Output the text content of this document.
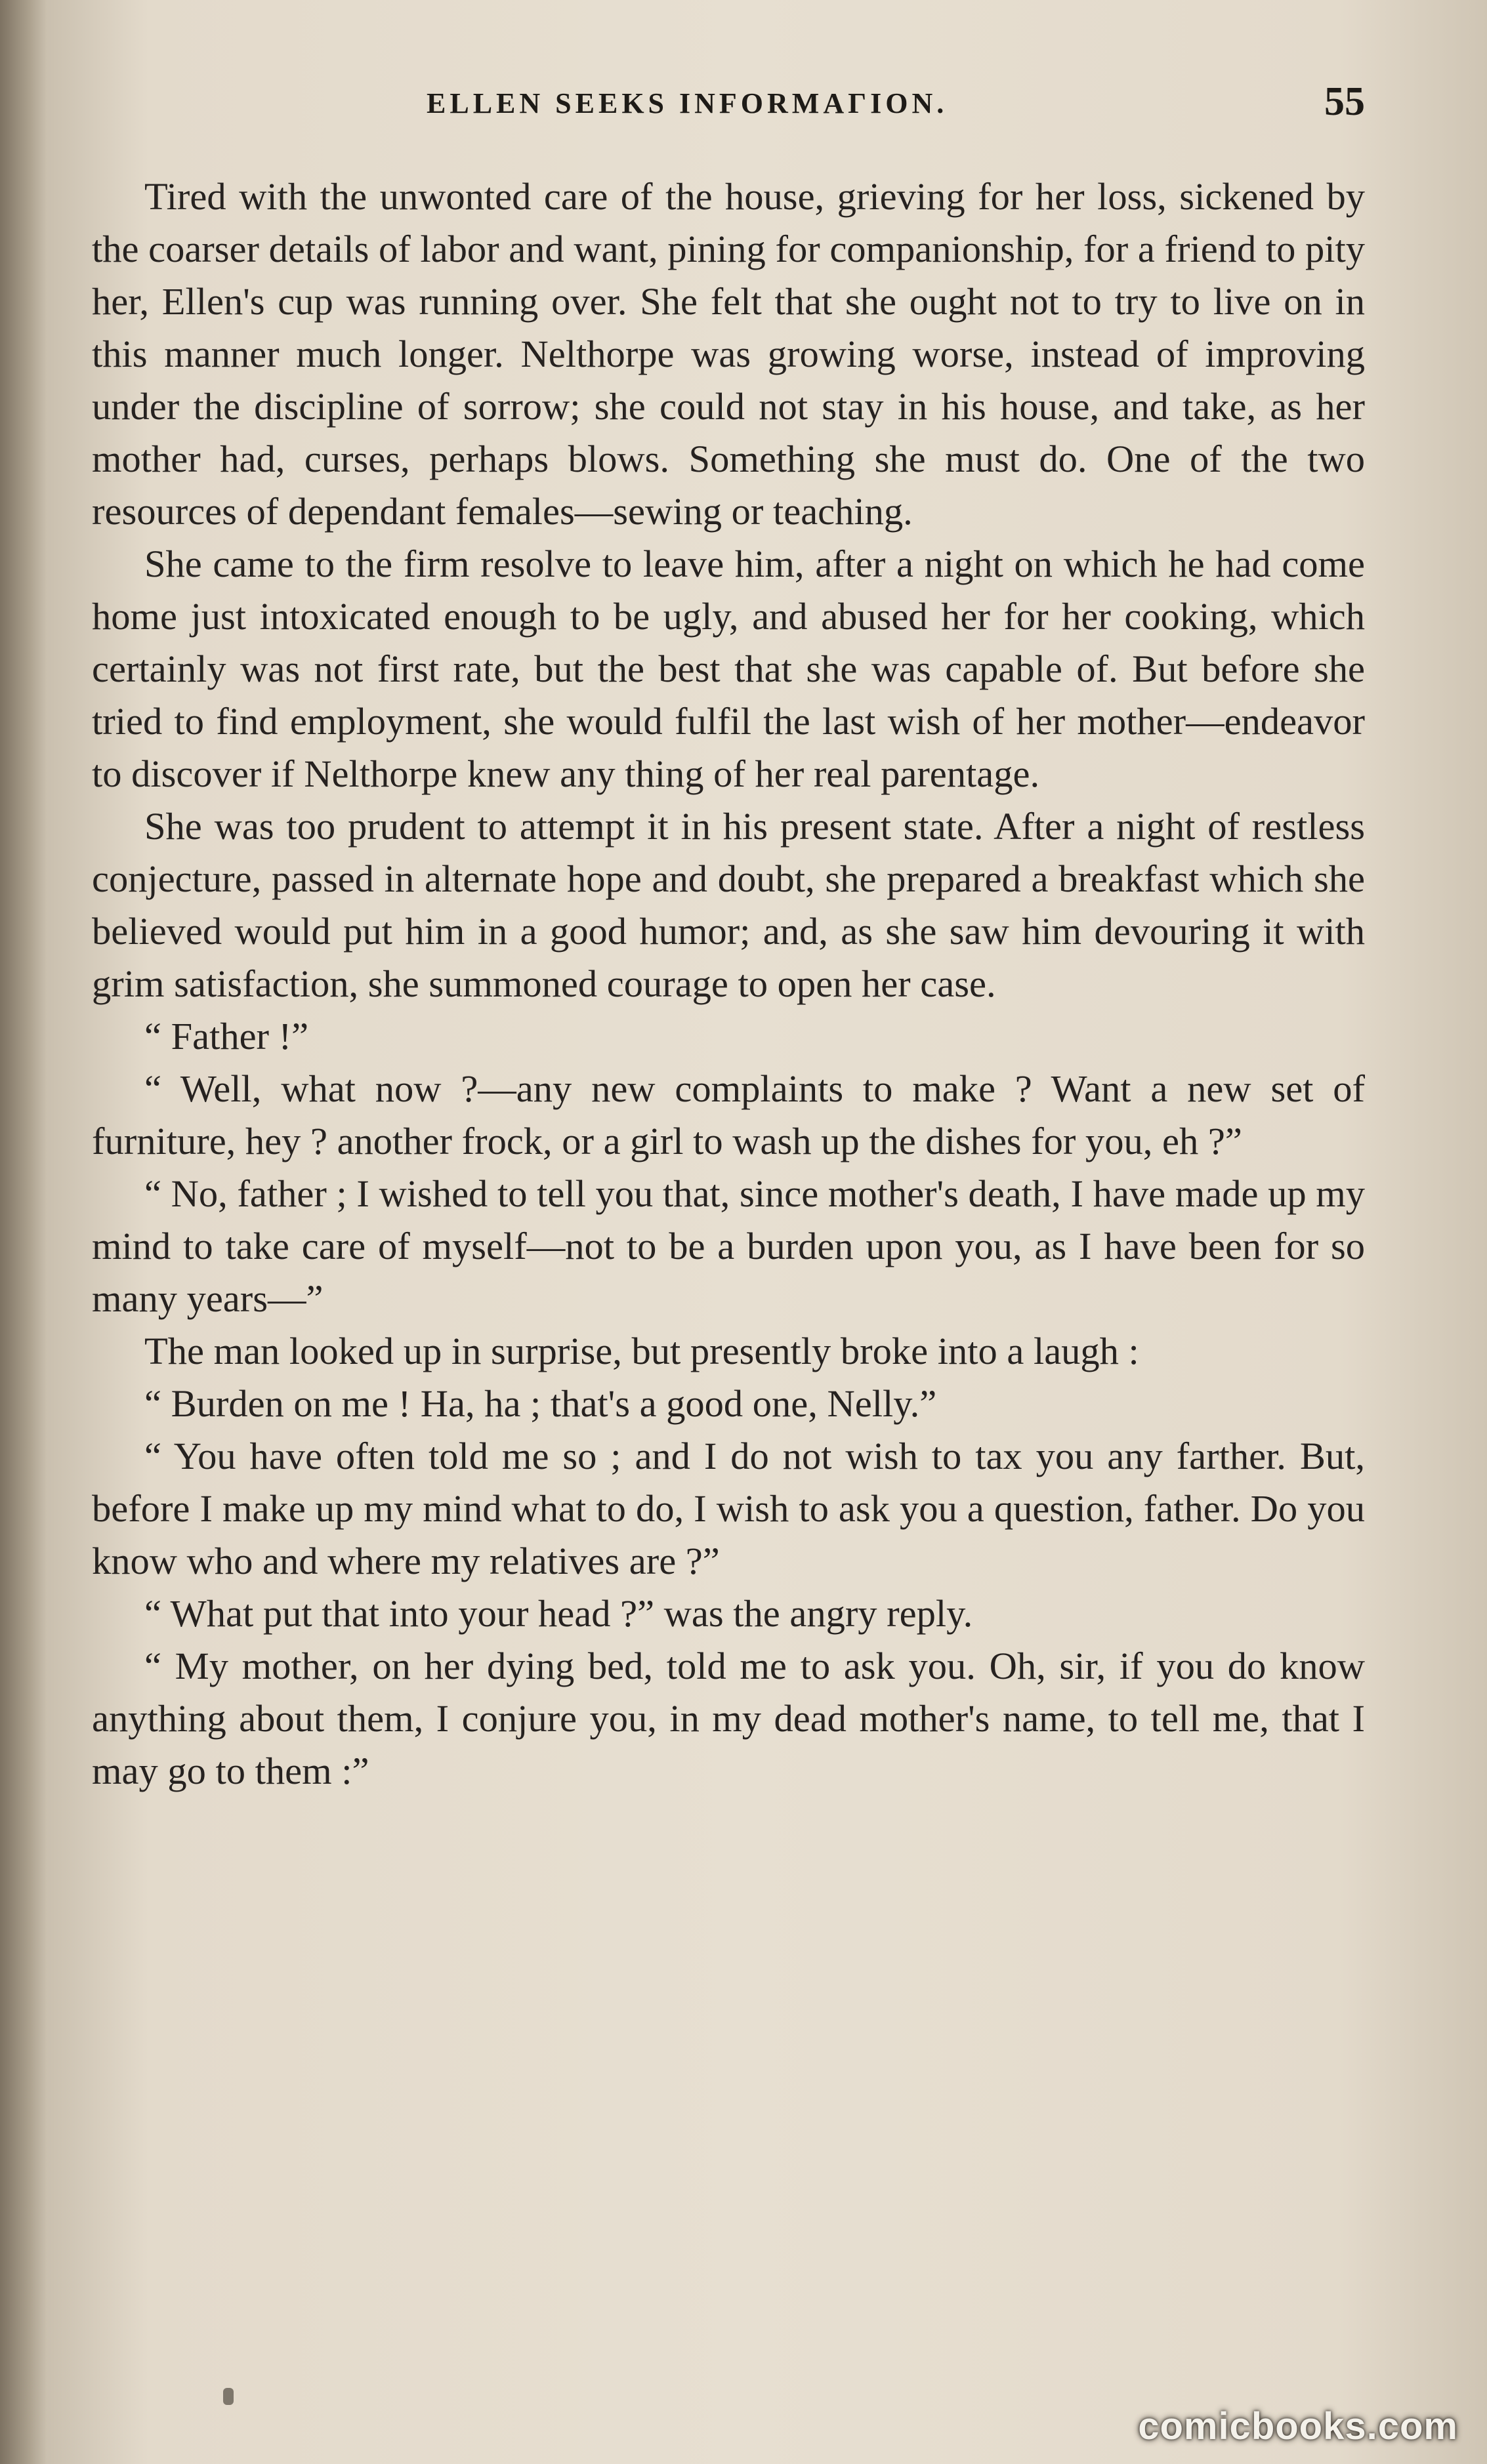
ELLEN SEEKS INFORMAΓΙΟΝ.	55

Tired with the unwonted care of the house, grieving for her loss, sickened by the coarser details of labor and want, pining for companionship, for a friend to pity her, Ellen's cup was running over. She felt that she ought not to try to live on in this manner much longer. Nelthorpe was growing worse, instead of improving under the discipline of sorrow; she could not stay in his house, and take, as her mother had, curses, perhaps blows. Something she must do. One of the two resources of dependant females—sewing or teaching.

She came to the firm resolve to leave him, after a night on which he had come home just intoxicated enough to be ugly, and abused her for her cooking, which certainly was not first rate, but the best that she was capable of. But before she tried to find employment, she would fulfil the last wish of her mother—endeavor to discover if Nelthorpe knew any thing of her real parentage.

She was too prudent to attempt it in his present state. After a night of restless conjecture, passed in alternate hope and doubt, she prepared a breakfast which she believed would put him in a good humor; and, as she saw him devouring it with grim satisfaction, she summoned courage to open her case.

“ Father !”

“ Well, what now ?—any new complaints to make ? Want a new set of furniture, hey ? another frock, or a girl to wash up the dishes for you, eh ?”

“ No, father ; I wished to tell you that, since mother's death, I have made up my mind to take care of myself—not to be a burden upon you, as I have been for so many years—”

The man looked up in surprise, but presently broke into a laugh :

“ Burden on me ! Ha, ha ; that's a good one, Nelly.”

“ You have often told me so ; and I do not wish to tax you any farther. But, before I make up my mind what to do, I wish to ask you a question, father. Do you know who and where my relatives are ?”

“ What put that into your head ?” was the angry reply.

“ My mother, on her dying bed, told me to ask you. Oh, sir, if you do know anything about them, I conjure you, in my dead mother's name, to tell me, that I may go to them :”

comicbooks.com
